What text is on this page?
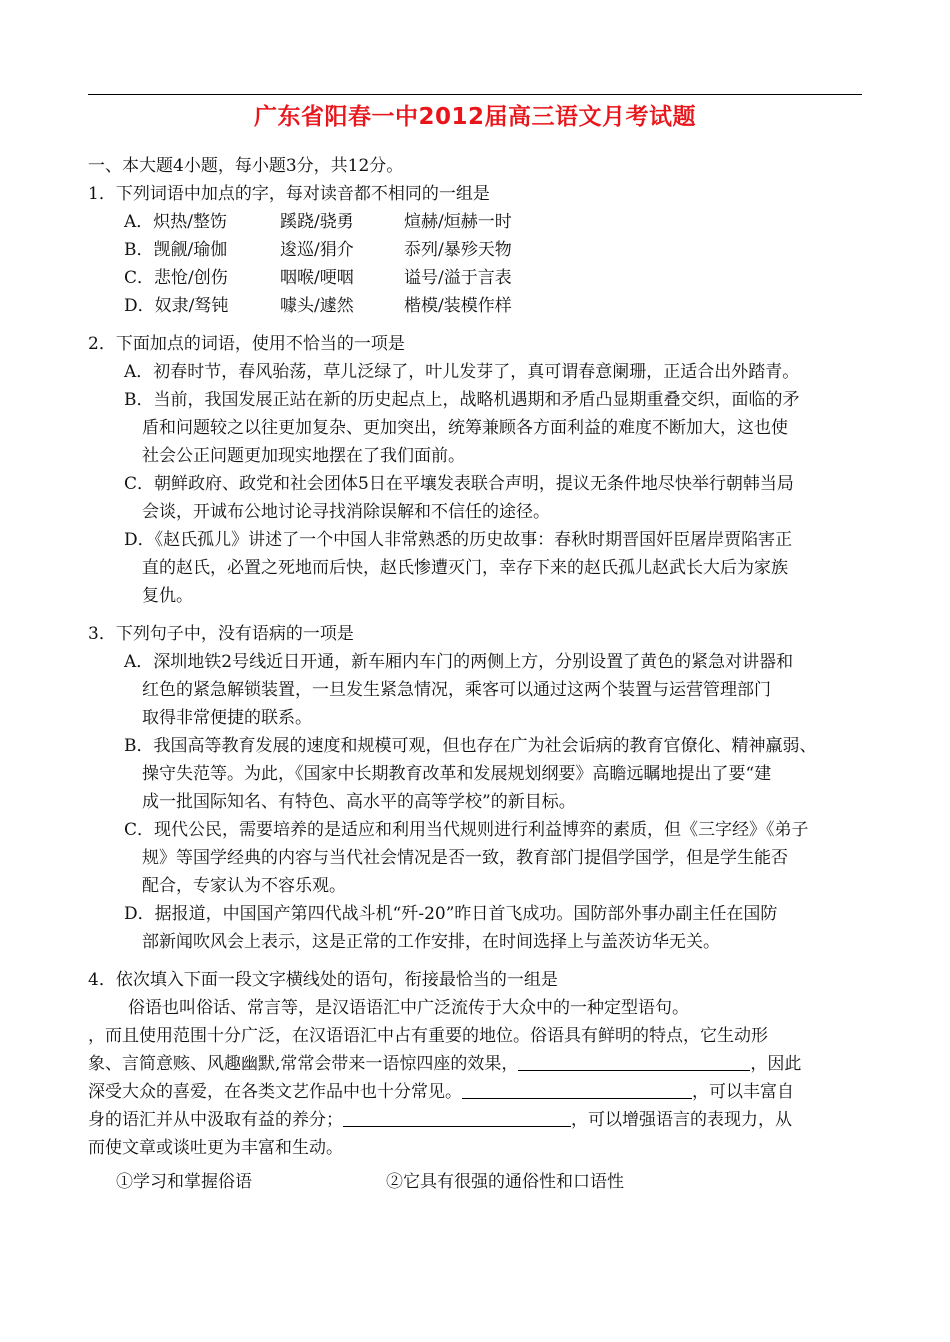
广东省阳春一中2012届高三语文月考试题
一、本大题4小题，每小题3分，共12分。
1．下列词语中加点的字，每对读音都不相同的一组是
A．炽热/整饬	蹊跷/骁勇	煊赫/烜赫一时
B．觊觎/瑜伽	逡巡/狷介	忝列/暴殄天物
C．悲怆/创伤	咽喉/哽咽	谥号/溢于言表
D．奴隶/驽钝	噱头/遽然	楷模/装模作样
2．下面加点的词语，使用不恰当的一项是
A．初春时节，春风骀荡，草儿泛绿了，叶儿发芽了，真可谓春意阑珊，正适合出外踏青。
B．当前，我国发展正站在新的历史起点上，战略机遇期和矛盾凸显期重叠交织，面临的矛
盾和问题较之以往更加复杂、更加突出，统筹兼顾各方面利益的难度不断加大，这也使
社会公正问题更加现实地摆在了我们面前。
C．朝鲜政府、政党和社会团体5日在平壤发表联合声明，提议无条件地尽快举行朝韩当局
会谈，开诚布公地讨论寻找消除误解和不信任的途径。
D．《赵氏孤儿》讲述了一个中国人非常熟悉的历史故事：春秋时期晋国奸臣屠岸贾陷害正
直的赵氏，必置之死地而后快，赵氏惨遭灭门，幸存下来的赵氏孤儿赵武长大后为家族
复仇。
3．下列句子中，没有语病的一项是
A．深圳地铁2号线近日开通，新车厢内车门的两侧上方，分别设置了黄色的紧急对讲器和
红色的紧急解锁装置，一旦发生紧急情况，乘客可以通过这两个装置与运营管理部门
取得非常便捷的联系。
B．我国高等教育发展的速度和规模可观，但也存在广为社会诟病的教育官僚化、精神羸弱、
操守失范等。为此，《国家中长期教育改革和发展规划纲要》高瞻远瞩地提出了要“建
成一批国际知名、有特色、高水平的高等学校”的新目标。
C．现代公民，需要培养的是适应和利用当代规则进行利益博弈的素质，但《三字经》《弟子
规》等国学经典的内容与当代社会情况是否一致，教育部门提倡学国学，但是学生能否
配合，专家认为不容乐观。
D．据报道，中国国产第四代战斗机“歼-20”昨日首飞成功。国防部外事办副主任在国防
部新闻吹风会上表示，这是正常的工作安排，在时间选择上与盖茨访华无关。
4．依次填入下面一段文字横线处的语句，衔接最恰当的一组是
俗语也叫俗话、常言等，是汉语语汇中广泛流传于大众中的一种定型语句。
，而且使用范围十分广泛，在汉语语汇中占有重要的地位。俗语具有鲜明的特点，它生动形
象、言简意赅、风趣幽默,常常会带来一语惊四座的效果，	，因此
深受大众的喜爱，在各类文艺作品中也十分常见。	，可以丰富自
身的语汇并从中汲取有益的养分；	，可以增强语言的表现力，从
而使文章或谈吐更为丰富和生动。
①学习和掌握俗语	②它具有很强的通俗性和口语性
